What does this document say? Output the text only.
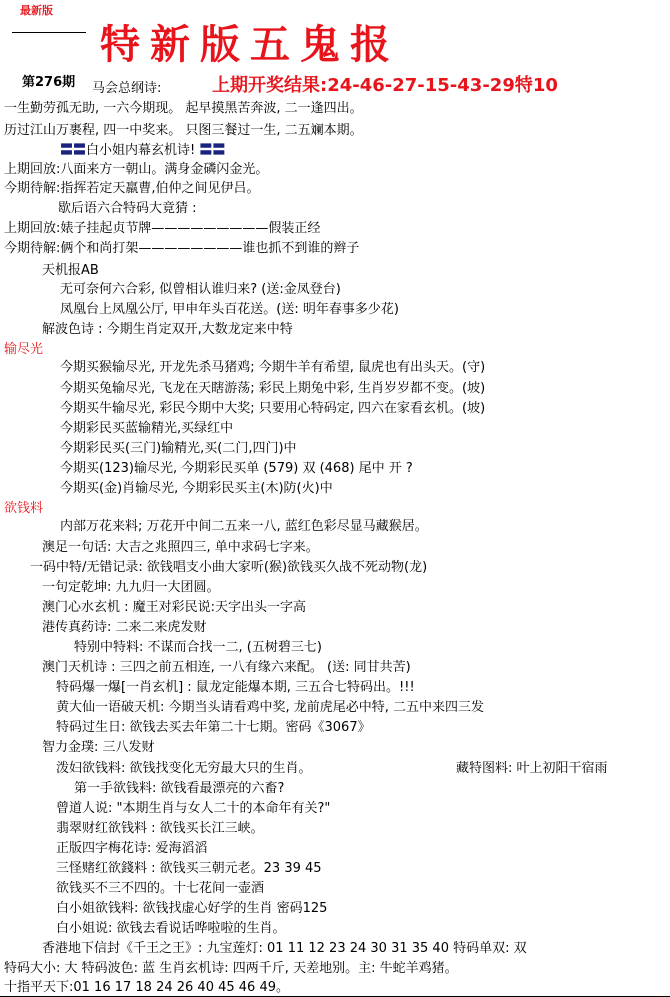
最新版
特新版五鬼报
第276期 马会总纲诗:	上期开奖结果:24-46-27-15-43-29特10
一生勤劳孤无助, 一六今期现。 起早摸黑苦奔波, 二一逢四出。
历过江山万裹程, 四一中奖来。 只图三餐过一生, 二五斓本期。
〓〓白小姐内幕玄机诗! 〓〓
上期回放:八面来方一朝山。满身金磷闪金光。
今期待解:指挥若定天羸曹,伯仲之间见伊吕。
歇后语六合特码大竟猜 :
上期回放:婊子挂起贞节牌—————————假装正经
今期待解:俩个和尚打架————————谁也抓不到谁的辫子
天机报AB
无可奈何六合彩, 似曾相认谁归来? (送:金凤登台)
凤凰台上凤凰公厅, 甲申年头百花送。(送: 明年春事多少花)
解波色诗 : 今期生肖定双开,大数龙定来中特
输尽光
今期买猴输尽光, 开龙先杀马猪鸡; 今期牛羊有希望, 鼠虎也有出头天。(守)
今期买兔输尽光, 飞龙在天瞎游荡; 彩民上期兔中彩, 生肖岁岁都不变。(坡)
今期买牛输尽光, 彩民今期中大奖; 只要用心特码定, 四六在家看玄机。(坡)
今期彩民买蓝输精光,买绿红中
今期彩民买(三门)输精光,买(二门,四门)中
今期买(123)输尽光, 今期彩民买单 (579) 双 (468) 尾中 开 ?
今期买(金)肖输尽光, 今期彩民买主(木)防(火)中
欲钱料
内部万花来料; 万花开中间二五来一八, 蓝红色彩尽显马藏猴居。
澳足一句话: 大吉之兆照四三, 单中求码七字来。
一码中特/无错记录: 欲钱唱支小曲大家听(猴)欲钱买久战不死动物(龙)
一句定乾坤: 九九归一大团圆。
澳门心水玄机 : 魔王对彩民说:天字出头一字高
港传真药诗: 二来二来虎发财
特别中特料: 不谋而合找一二, (五树碧三七)
澳门天机诗 : 三四之前五相连, 一八有缘六来配。 (送: 同甘共苦)
特码爆一爆[一肖玄机] : 鼠龙定能爆本期, 三五合七特码出。!!!
黄大仙一语破天机: 今期当头请看鸡中奖, 龙前虎尾必中特, 二五中来四三发
特码过生日: 欲钱去买去年第二十七期。密码《3067》
智力金璞: 三八发财
泼妇欲钱料: 欲钱找变化无穷最大只的生肖。	藏特图料: 叶上初阳干宿雨
第一手欲钱料: 欲钱看最漂亮的六畜?
曾道人说: "本期生肖与女人二十的本命年有关?"
翡翠财红欲钱料 : 欲钱买长江三峡。
正版四字梅花诗: 爱海滔滔
三怪赌红欲錢料 : 欲钱买三朝元老。23 39 45
欲钱买不三不四的。十七花间一壶酒
白小姐欲钱料: 欲钱找虚心好学的生肖 密码125
白小姐说: 欲钱去看说话哗啦啦的生肖。
香港地下信封《千王之王》: 九宝莲灯: 01 11 12 23 24 30 31 35 40 特码单双: 双
特码大小: 大 特码波色: 蓝 生肖玄机诗: 四两千斤, 天差地别。主: 牛蛇羊鸡猪。
十指平天下:01 16 17 18 24 26 40 45 46 49。
